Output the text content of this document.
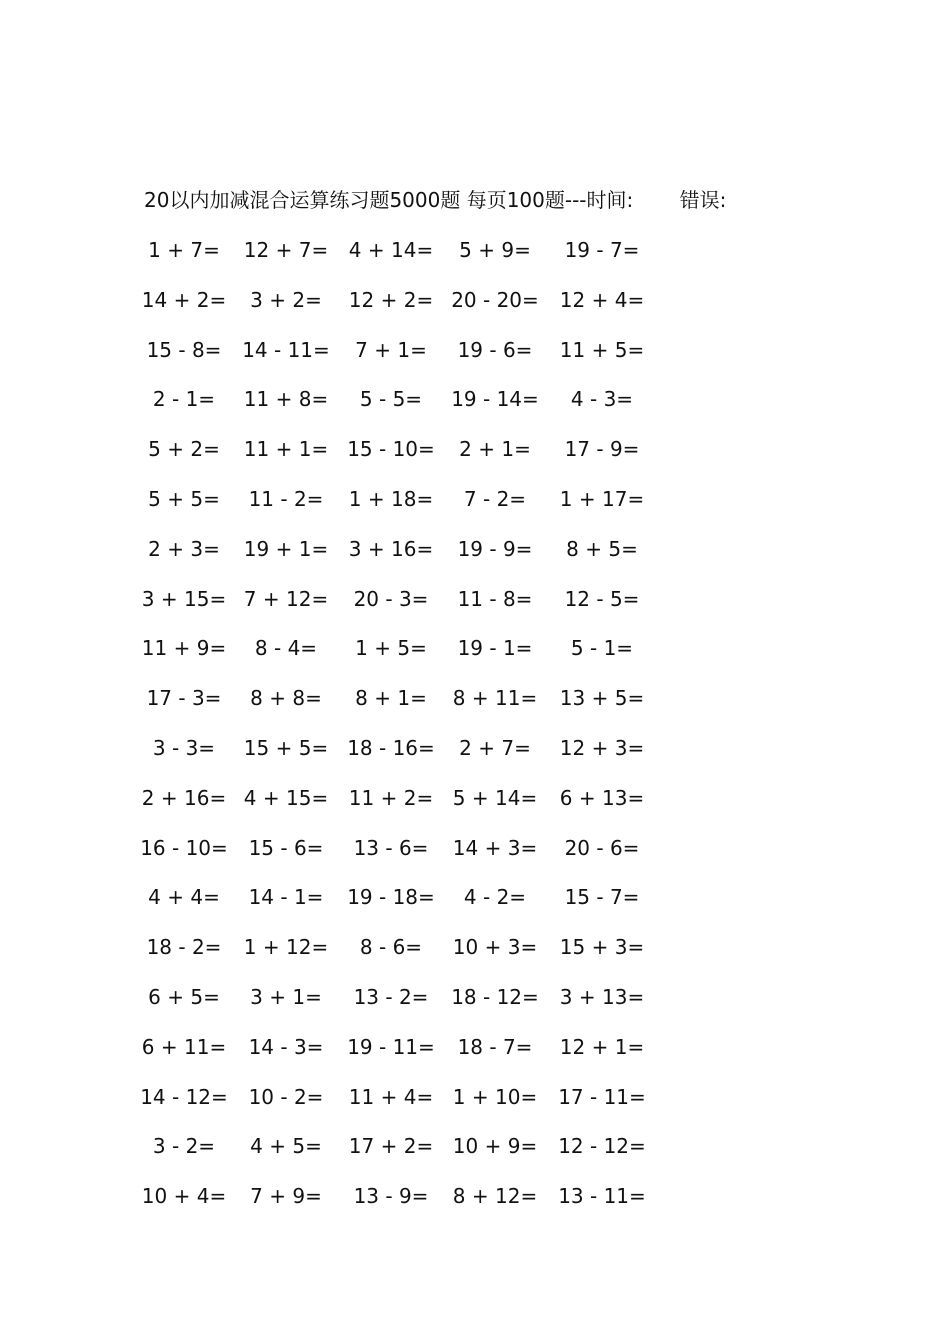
20以内加减混合运算练习题5000题 每页100题---时间: 错误:
1 + 7=	12 + 7=	4 + 14=	5 + 9=	19 - 7=
14 + 2=	3 + 2=	12 + 2= 20 - 20=	12 + 4=
15 - 8=	14 - 11=	7 + 1=	19 - 6=	11 + 5=
2 - 1=	11 + 8=	5 - 5=	19 - 14=	4 - 3=
5 + 2=	11 + 1= 15 - 10=	2 + 1=	17 - 9=
5 + 5=	11 - 2=	1 + 18=	7 - 2=	1 + 17=
2 + 3=	19 + 1=	3 + 16=	19 - 9=	8 + 5=
3 + 15= 7 + 12=	20 - 3=	11 - 8=	12 - 5=
11 + 9=	8 - 4=	1 + 5=	19 - 1=	5 - 1=
17 - 3=	8 + 8=	8 + 1=	8 + 11=	13 + 5=
3 - 3=	15 + 5= 18 - 16=	2 + 7=	12 + 3=
2 + 16= 4 + 15=	11 + 2= 5 + 14=	6 + 13=
16 - 10=	15 - 6=	13 - 6=	14 + 3=	20 - 6=
4 + 4=	14 - 1=	19 - 18=	4 - 2=	15 - 7=
18 - 2=	1 + 12=	8 - 6=	10 + 3=	15 + 3=
6 + 5=	3 + 1=	13 - 2=	18 - 12=	3 + 13=
6 + 11=	14 - 3=	19 - 11=	18 - 7=	12 + 1=
14 - 12=	10 - 2=	11 + 4= 1 + 10=	17 - 11=
3 - 2=	4 + 5=	17 + 2= 10 + 9=	12 - 12=
10 + 4=	7 + 9=	13 - 9=	8 + 12=	13 - 11=
